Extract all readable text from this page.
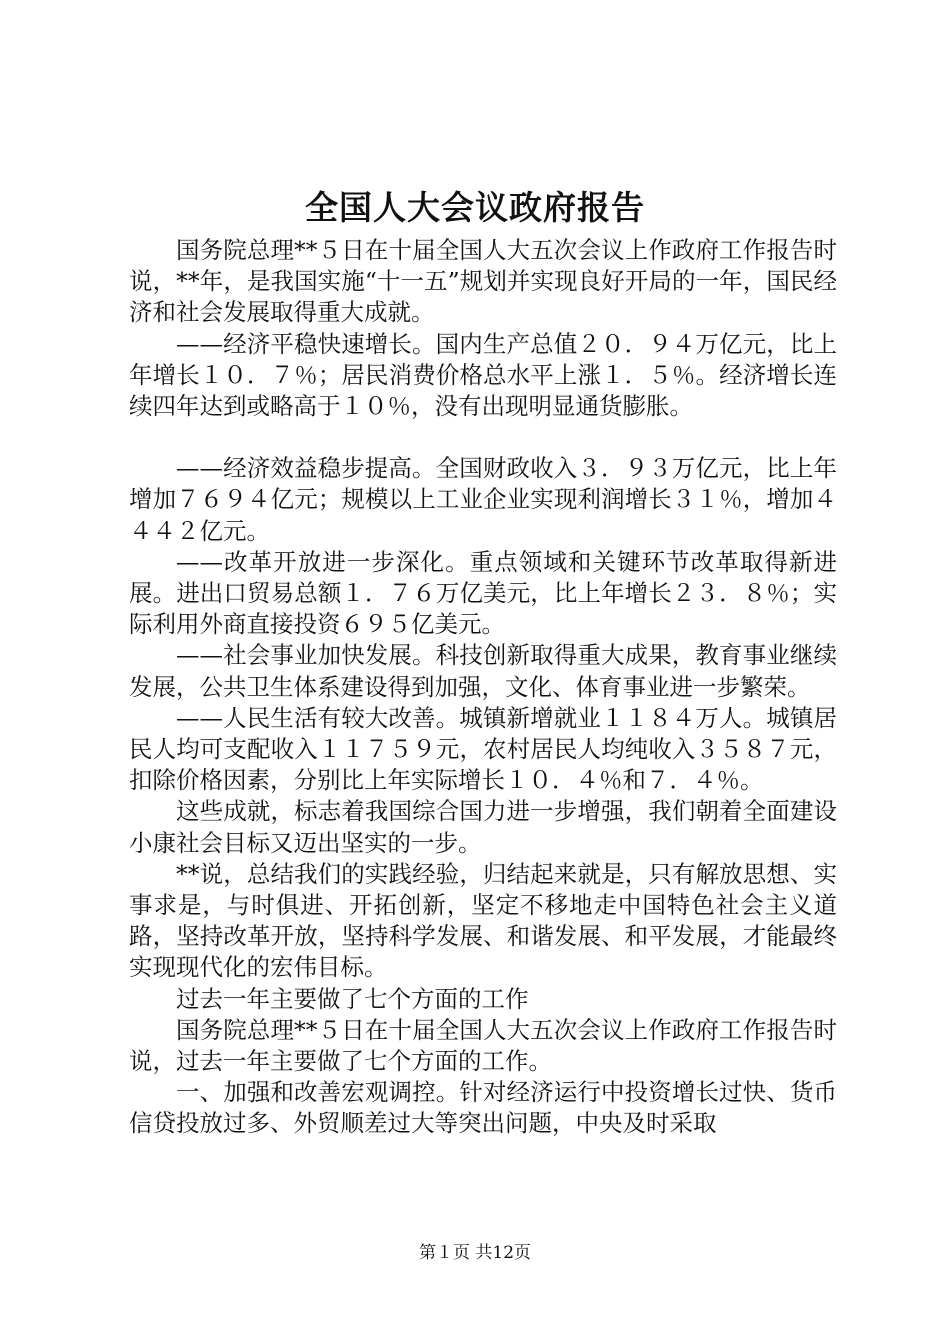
全国人大会议政府报告

国务院总理**５日在十届全国人大五次会议上作政府工作报告时说，**年，是我国实施“十一五”规划并实现良好开局的一年，国民经济和社会发展取得重大成就。

——经济平稳快速增长。国内生产总值２０．９４万亿元，比上年增长１０．７％；居民消费价格总水平上涨１．５％。经济增长连续四年达到或略高于１０％，没有出现明显通货膨胀。

——经济效益稳步提高。全国财政收入３．９３万亿元，比上年增加７６９４亿元；规模以上工业企业实现利润增长３１％，增加４４４２亿元。

——改革开放进一步深化。重点领域和关键环节改革取得新进展。进出口贸易总额１．７６万亿美元，比上年增长２３．８％；实际利用外商直接投资６９５亿美元。

——社会事业加快发展。科技创新取得重大成果，教育事业继续发展，公共卫生体系建设得到加强，文化、体育事业进一步繁荣。

——人民生活有较大改善。城镇新增就业１１８４万人。城镇居民人均可支配收入１１７５９元，农村居民人均纯收入３５８７元，扣除价格因素，分别比上年实际增长１０．４％和７．４％。

这些成就，标志着我国综合国力进一步增强，我们朝着全面建设小康社会目标又迈出坚实的一步。

**说，总结我们的实践经验，归结起来就是，只有解放思想、实事求是，与时俱进、开拓创新，坚定不移地走中国特色社会主义道路，坚持改革开放，坚持科学发展、和谐发展、和平发展，才能最终实现现代化的宏伟目标。

过去一年主要做了七个方面的工作

国务院总理**５日在十届全国人大五次会议上作政府工作报告时说，过去一年主要做了七个方面的工作。

一、加强和改善宏观调控。针对经济运行中投资增长过快、货币信贷投放过多、外贸顺差过大等突出问题，中央及时采取

第１页 共12页
